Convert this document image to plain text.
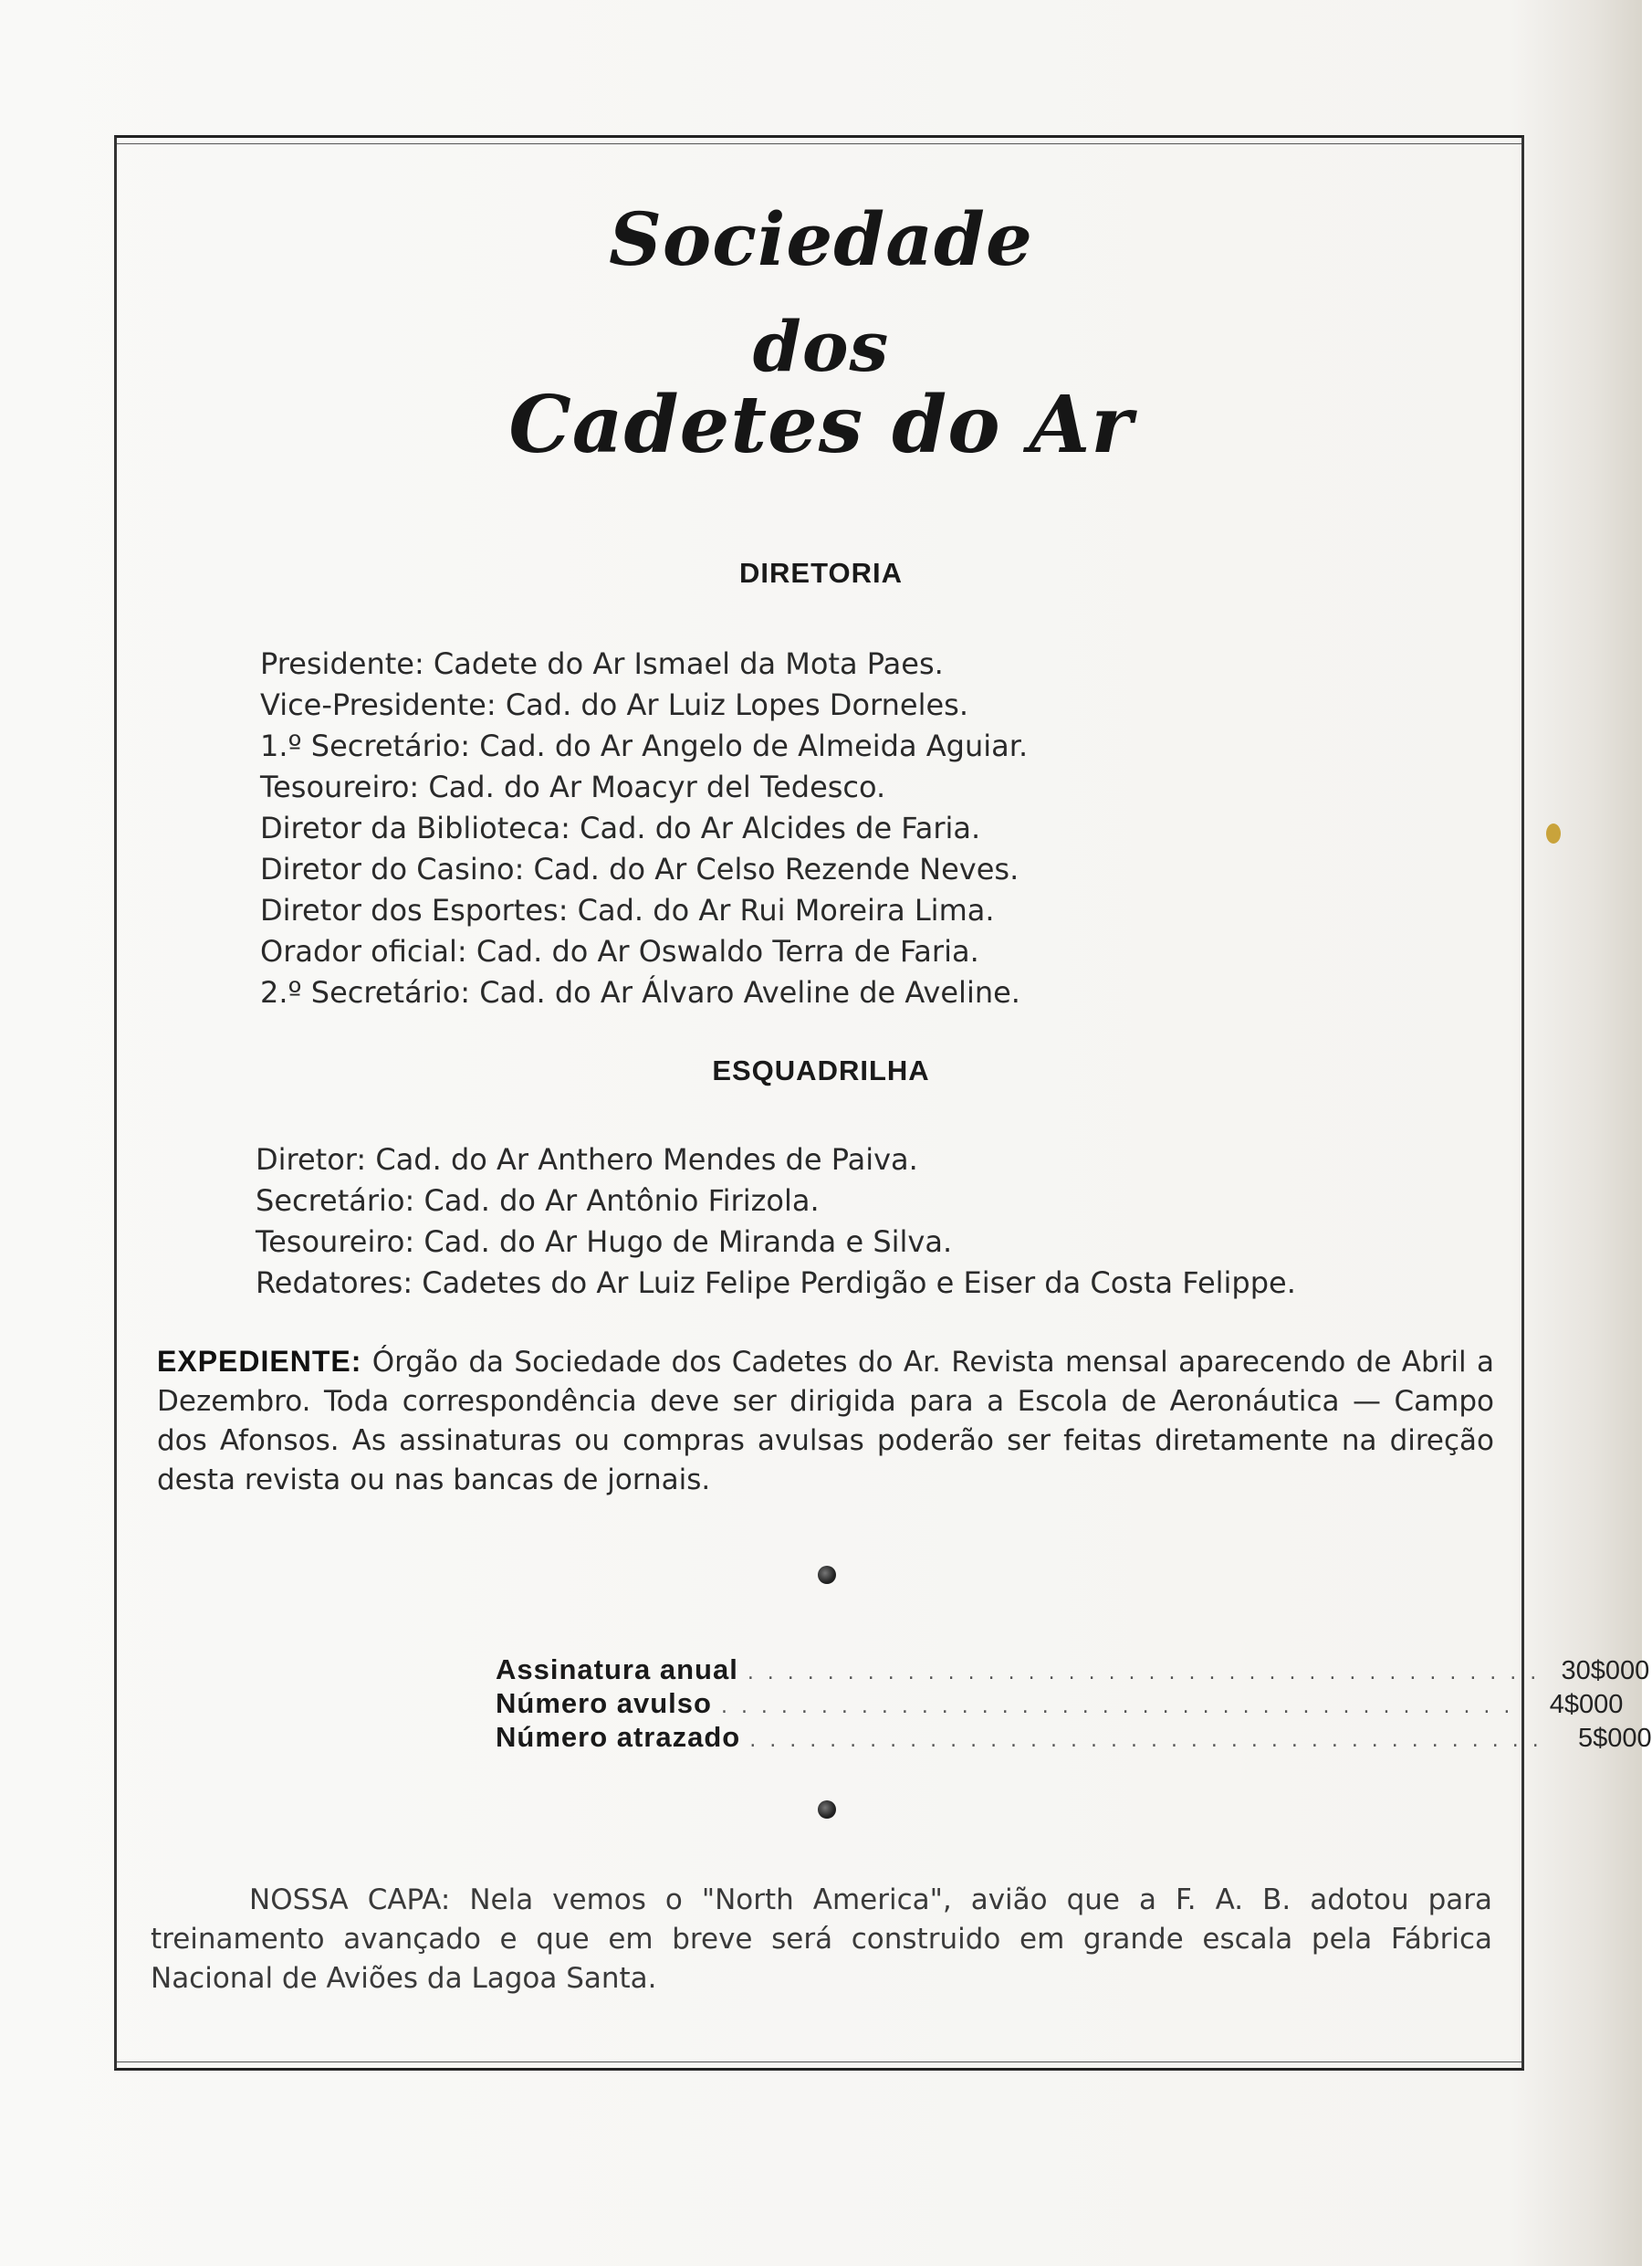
Sociedade
dos
Cadetes do Ar
DIRETORIA
Presidente: Cadete do Ar Ismael da Mota Paes.
Vice-Presidente: Cad. do Ar Luiz Lopes Dorneles.
1.º Secretário: Cad. do Ar Angelo de Almeida Aguiar.
Tesoureiro: Cad. do Ar Moacyr del Tedesco.
Diretor da Biblioteca: Cad. do Ar Alcides de Faria.
Diretor do Casino: Cad. do Ar Celso Rezende Neves.
Diretor dos Esportes: Cad. do Ar Rui Moreira Lima.
Orador oficial: Cad. do Ar Oswaldo Terra de Faria.
2.º Secretário: Cad. do Ar Álvaro Aveline de Aveline.
ESQUADRILHA
Diretor: Cad. do Ar Anthero Mendes de Paiva.
Secretário: Cad. do Ar Antônio Firizola.
Tesoureiro: Cad. do Ar Hugo de Miranda e Silva.
Redatores: Cadetes do Ar Luiz Felipe Perdigão e Eiser da Costa Felippe.
EXPEDIENTE: Órgão da Sociedade dos Cadetes do Ar. Revista mensal aparecendo de Abril a Dezembro. Toda correspondência deve ser dirigida para a Escola de Aeronáutica — Campo dos Afonsos. As assinaturas ou compras avulsas poderão ser feitas diretamente na direção desta revista ou nas bancas de jornais.
Assinatura anual . . . . . . . . . . . . . . . . . . . . . . . . . . . . . . . . . . . . . . . . 30$000
Número avulso . . . . . . . . . . . . . . . . . . . . . . . . . . . . . . . . . . . . . . . .	4$000
Número atrazado . . . . . . . . . . . . . . . . . . . . . . . . . . . . . . . . . . . . . . . .	5$000
NOSSA CAPA: Nela vemos o "North America", avião que a F. A. B. adotou para treinamento avançado e que em breve será construido em grande escala pela Fábrica Nacional de Aviões da Lagoa Santa.
